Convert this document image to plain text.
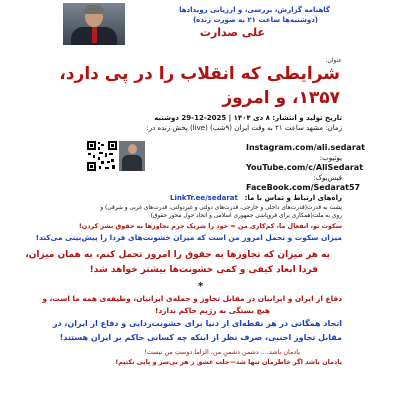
گاهنامه گزارش، بررسی، و ارزیابی رویدادها
(دوشنبه‌ها ساعت ۲۱ به صورت زنده)
علی صدارت
عنوان:
شرایطی که انقلاب را در پی دارد،
۱۳۵۷، و امروز
تاریخ تولید و انتشار: ۸ دی ۱۴۰۴ | 2025-12-29 دوشنبه
زمان: مشهد ساعت ۲۱ به وقت ایران (۹شب) (live) پخش زنده در:
Instagram.com/ali.sedarat
یوتیوب:
YouTube.com/c/AliSedarat
فیس‌بوک:
FaceBook.com/Sedarat57
LinkTr.ee/sedarat راه‌های ارتباط و تماس با ما:
پشت به قدرت(قدرت‌های داخلی و خارجی، قدرت‌های دولتی و غیردولتی، قدرت‌های غربی و شرقی) و
روی به ملت(همکاری برای فروپاشی جمهوری اسلامی و اتحاد حول محور حقوق)
سکوت تو، انفعال ما، کم‌کاری من = خود را شریک جرم تجاوزها به حقوق بشر کردن!
میزان سکوت و تحمل امروز من است که میزان خشونت‌های فردا را پیش‌بینی می‌کند!
به هر میزان که تجاوزها به حقوق را امروز تحمل کنم، به همان میزان،
فردا ابعاد کیفی و کمی خشونت‌ها بیشتر خواهد شد!
*
دفاع از ایران و ایرانیان در مقابل تجاوز و حمله‌ی ایرانیان، وظیفه‌ی همه ما است، و
هیچ بستگی به رژیم حاکم ندارد!
اتحاد همگانی در هر نقطه‌ای از دنیا برای خشونت‌زدایی و دفاع از ایران، در
مقابل تجاوز اجنبی، صرف نظر از اینکه چه کسانی حاکم بر ایران هستند!
یادمان باشد.... دشمن دشمنِ من، الزاما دوستِ من نیست!
یادمان باشد اگر خاطرمان تنها شد—جلب عشق ز هر بی‌سر و پایی نکنیم!
